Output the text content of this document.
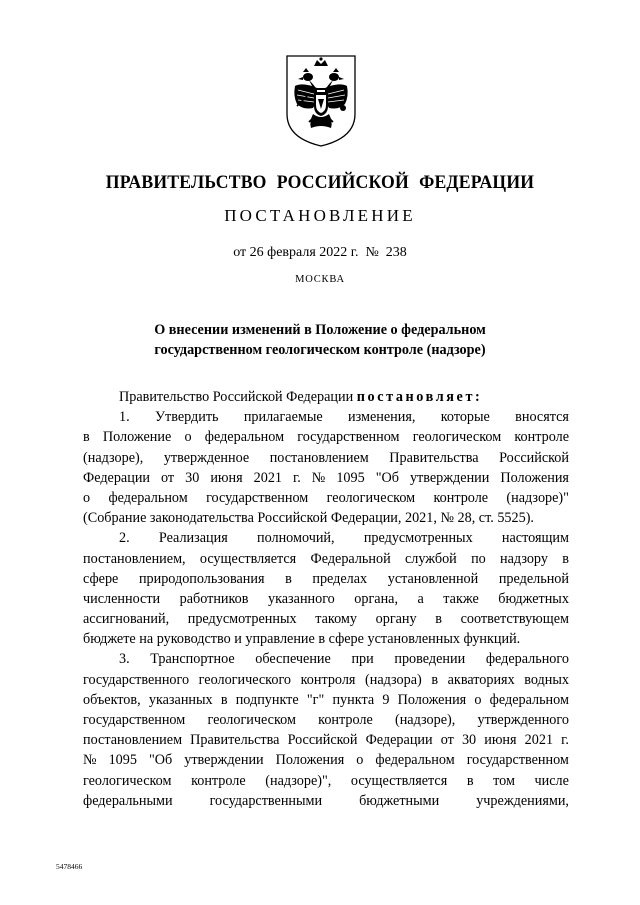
ПРАВИТЕЛЬСТВО РОССИЙСКОЙ ФЕДЕРАЦИИ
ПОСТАНОВЛЕНИЕ
от 26 февраля 2022 г.  №  238
МОСКВА
О внесении изменений в Положение о федеральном
государственном геологическом контроле (надзоре)
Правительство Российской Федерации
постановляет:
1. Утвердить прилагаемые изменения, которые вносятся
в Положение о федеральном государственном геологическом контроле
(надзоре), утвержденное постановлением Правительства Российской
Федерации от 30 июня 2021 г. № 1095 "Об утверждении Положения
о федеральном государственном геологическом контроле (надзоре)"
(Собрание законодательства Российской Федерации, 2021, № 28, ст. 5525).
2. Реализация полномочий, предусмотренных настоящим
постановлением, осуществляется Федеральной службой по надзору в
сфере природопользования в пределах установленной предельной
численности работников указанного органа, а также бюджетных
ассигнований, предусмотренных такому органу в соответствующем
бюджете на руководство и управление в сфере установленных функций.
3. Транспортное обеспечение при проведении федерального
государственного геологического контроля (надзора) в акваториях водных
объектов, указанных в подпункте "г" пункта 9 Положения о федеральном
государственном геологическом контроле (надзоре), утвержденного
постановлением Правительства Российской Федерации от 30 июня 2021 г.
№ 1095 "Об утверждении Положения о федеральном государственном
геологическом контроле (надзоре)", осуществляется в том числе
федеральными	государственными	бюджетными	учреждениями,
5478466
